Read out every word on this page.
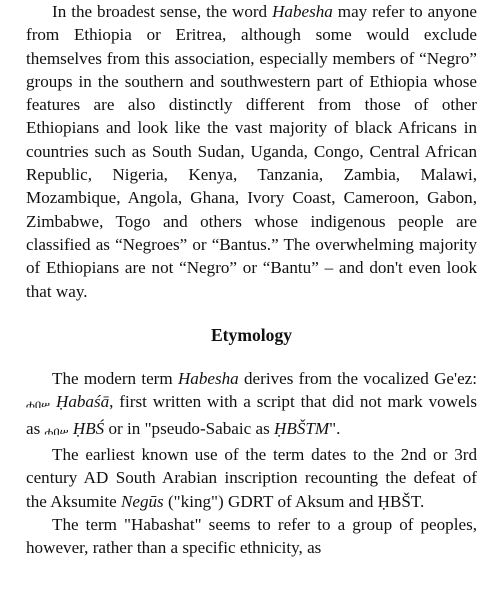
In the broadest sense, the word Habesha may refer to anyone from Ethiopia or Eritrea, although some would exclude themselves from this association, especially members of “Negro” groups in the southern and southwestern part of Ethiopia whose features are also distinctly different from those of other Ethiopians and look like the vast majority of black Africans in countries such as South Sudan, Uganda, Congo, Central African Republic, Nigeria, Kenya, Tanzania, Zambia, Malawi, Mozambique, Angola, Ghana, Ivory Coast, Cameroon, Gabon, Zimbabwe, Togo and others whose indigenous people are classified as “Negroes” or “Bantus.” The overwhelming majority of Ethiopians are not “Negro” or “Bantu” – and don't even look that way.

Etymology

The modern term Habesha derives from the vocalized Ge'ez: ሐበሠ Ḥabaśā, first written with a script that did not mark vowels as ሐበሠ ḤBŚ or in "pseudo-Sabaic as ḤBŠTM".

The earliest known use of the term dates to the 2nd or 3rd century AD South Arabian inscription recounting the defeat of the Aksumite Negūs ("king") GDRT of Aksum and ḤBŠT.

The term "Habashat" seems to refer to a group of peoples, however, rather than a specific ethnicity, as
